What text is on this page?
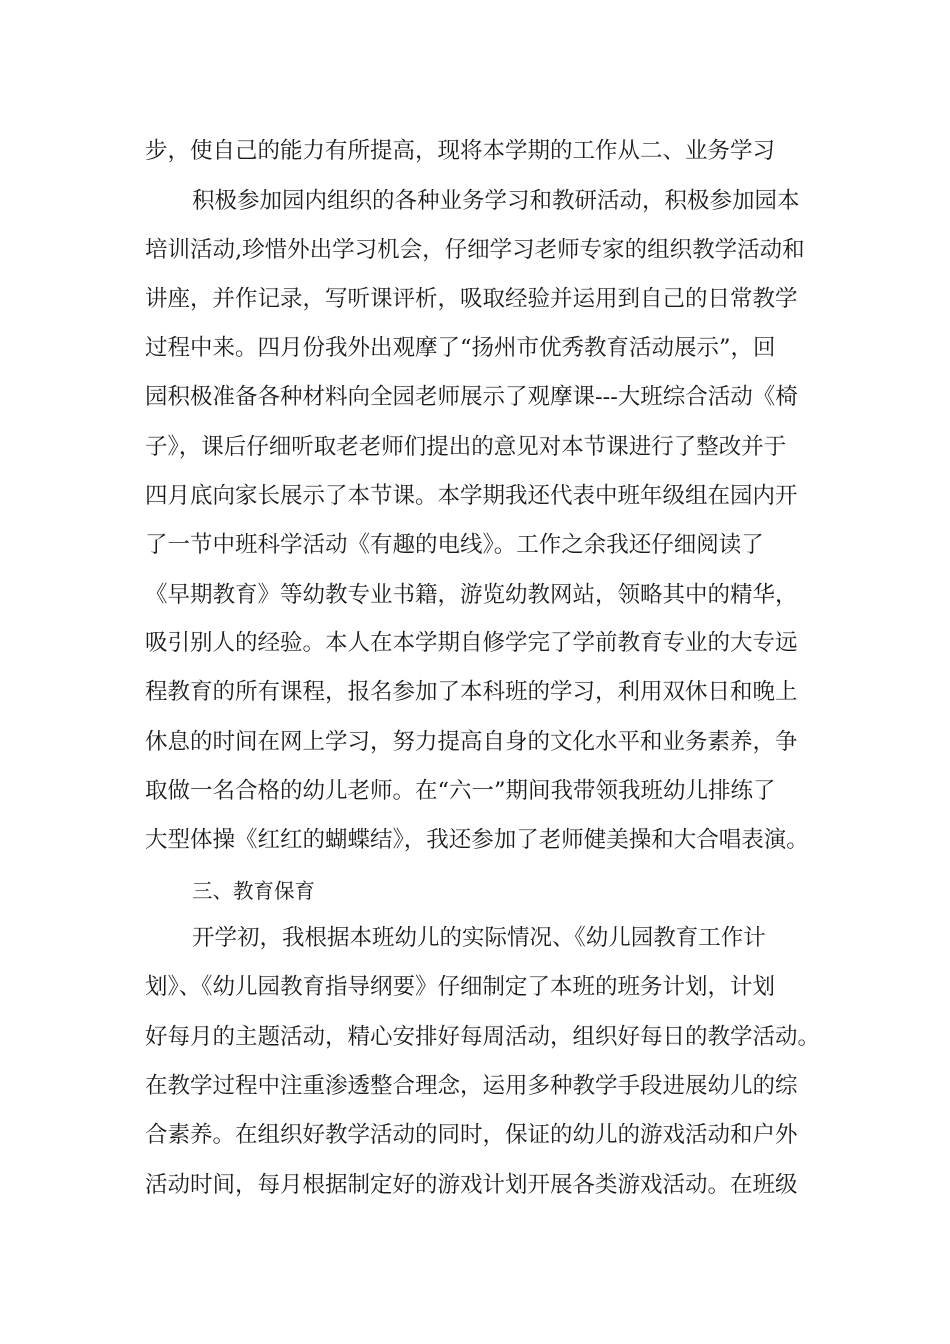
步，使自己的能力有所提高，现将本学期的工作从二、业务学习
积极参加园内组织的各种业务学习和教研活动，积极参加园本
培训活动,珍惜外出学习机会，仔细学习老师专家的组织教学活动和
讲座，并作记录，写听课评析，吸取经验并运用到自己的日常教学
过程中来。四月份我外出观摩了“扬州市优秀教育活动展示”，回
园积极准备各种材料向全园老师展示了观摩课---大班综合活动《椅
子》，课后仔细听取老老师们提出的意见对本节课进行了整改并于
四月底向家长展示了本节课。本学期我还代表中班年级组在园内开
了一节中班科学活动《有趣的电线》。工作之余我还仔细阅读了
《早期教育》等幼教专业书籍，游览幼教网站，领略其中的精华，
吸引别人的经验。本人在本学期自修学完了学前教育专业的大专远
程教育的所有课程，报名参加了本科班的学习，利用双休日和晚上
休息的时间在网上学习，努力提高自身的文化水平和业务素养，争
取做一名合格的幼儿老师。在“六一”期间我带领我班幼儿排练了
大型体操《红红的蝴蝶结》，我还参加了老师健美操和大合唱表演。
三、教育保育
开学初，我根据本班幼儿的实际情况、《幼儿园教育工作计
划》、《幼儿园教育指导纲要》仔细制定了本班的班务计划，计划
好每月的主题活动，精心安排好每周活动，组织好每日的教学活动。
在教学过程中注重渗透整合理念，运用多种教学手段进展幼儿的综
合素养。在组织好教学活动的同时，保证的幼儿的游戏活动和户外
活动时间，每月根据制定好的游戏计划开展各类游戏活动。在班级
